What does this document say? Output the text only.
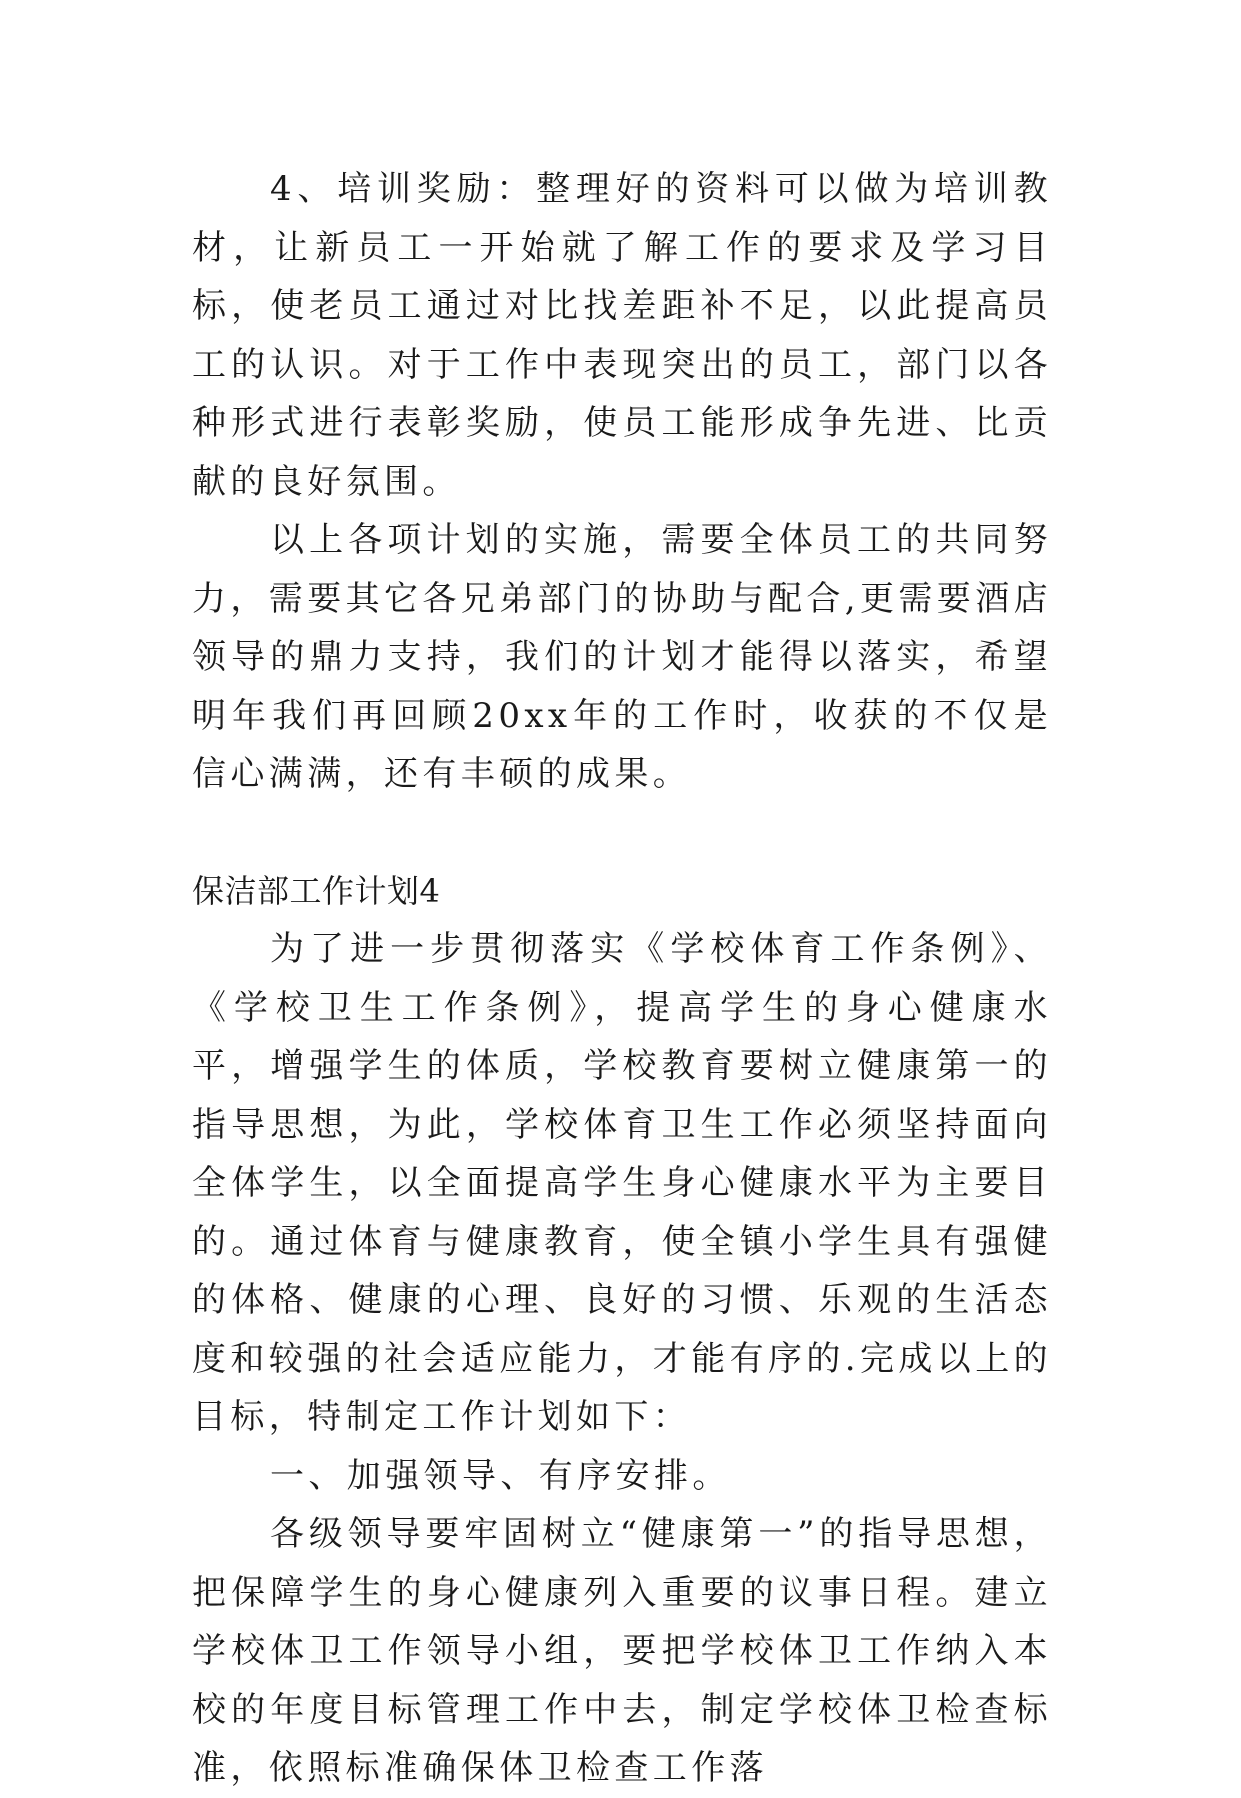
4、培训奖励：整理好的资料可以做为培训教材，让新员工一开始就了解工作的要求及学习目标，使老员工通过对比找差距补不足，以此提高员工的认识。对于工作中表现突出的员工，部门以各种形式进行表彰奖励，使员工能形成争先进、比贡献的良好氛围。

以上各项计划的实施，需要全体员工的共同努力，需要其它各兄弟部门的协助与配合,更需要酒店领导的鼎力支持，我们的计划才能得以落实，希望明年我们再回顾20xx年的工作时，收获的不仅是信心满满，还有丰硕的成果。

保洁部工作计划4

为了进一步贯彻落实《学校体育工作条例》、《学校卫生工作条例》，提高学生的身心健康水平，增强学生的体质，学校教育要树立健康第一的指导思想，为此，学校体育卫生工作必须坚持面向全体学生，以全面提高学生身心健康水平为主要目的。通过体育与健康教育，使全镇小学生具有强健的体格、健康的心理、良好的习惯、乐观的生活态度和较强的社会适应能力，才能有序的.完成以上的目标，特制定工作计划如下：

一、加强领导、有序安排。

各级领导要牢固树立“健康第一”的指导思想，把保障学生的身心健康列入重要的议事日程。建立学校体卫工作领导小组，要把学校体卫工作纳入本校的年度目标管理工作中去，制定学校体卫检查标准，依照标准确保体卫检查工作落
